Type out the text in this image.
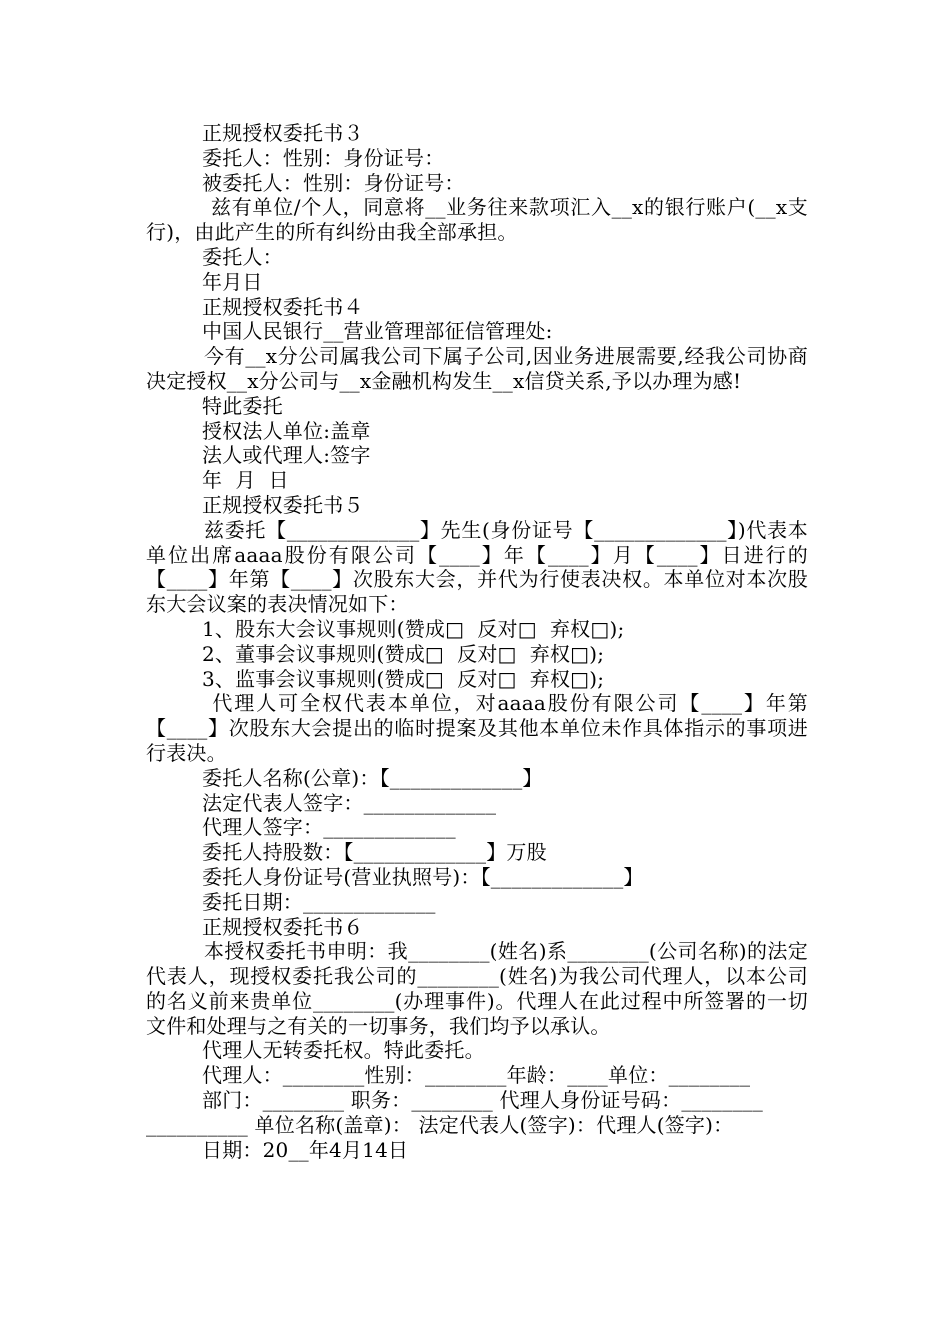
正规授权委托书３

委托人：性别：身份证号：

被委托人：性别：身份证号：

兹有单位/个人，同意将__业务往来款项汇入__x的银行账户(__x支行)，由此产生的所有纠纷由我全部承担。

委托人：

年月日

正规授权委托书４

中国人民银行__营业管理部征信管理处:

今有__x分公司属我公司下属子公司,因业务进展需要,经我公司协商决定授权__x分公司与__x金融机构发生__x信贷关系,予以办理为感!

特此委托

授权法人单位:盖章

法人或代理人:签字

年  月  日

正规授权委托书５

兹委托【_____________】先生(身份证号【_____________】)代表本单位出席aaaa股份有限公司【____】年【____】月【____】日进行的【____】年第【____】次股东大会，并代为行使表决权。本单位对本次股东大会议案的表决情况如下：

1、股东大会议事规则(赞成□  反对□  弃权□);

2、董事会议事规则(赞成□  反对□  弃权□);

3、监事会议事规则(赞成□  反对□  弃权□);

代理人可全权代表本单位，对aaaa股份有限公司【____】年第【____】次股东大会提出的临时提案及其他本单位未作具体指示的事项进行表决。

委托人名称(公章)：【_____________】

法定代表人签字：_____________

代理人签字：_____________

委托人持股数：【_____________】万股

委托人身份证号(营业执照号)：【_____________】

委托日期：_____________

正规授权委托书６

本授权委托书申明：我________(姓名)系________(公司名称)的法定代表人，现授权委托我公司的________(姓名)为我公司代理人，以本公司的名义前来贵单位________(办理事件)。代理人在此过程中所签署的一切文件和处理与之有关的一切事务，我们均予以承认。

代理人无转委托权。特此委托。

代理人：________性别：________年龄：____单位：________

部门：________ 职务：________ 代理人身份证号码：________

__________ 单位名称(盖章)： 法定代表人(签字)：代理人(签字)：

日期：20__年4月14日
